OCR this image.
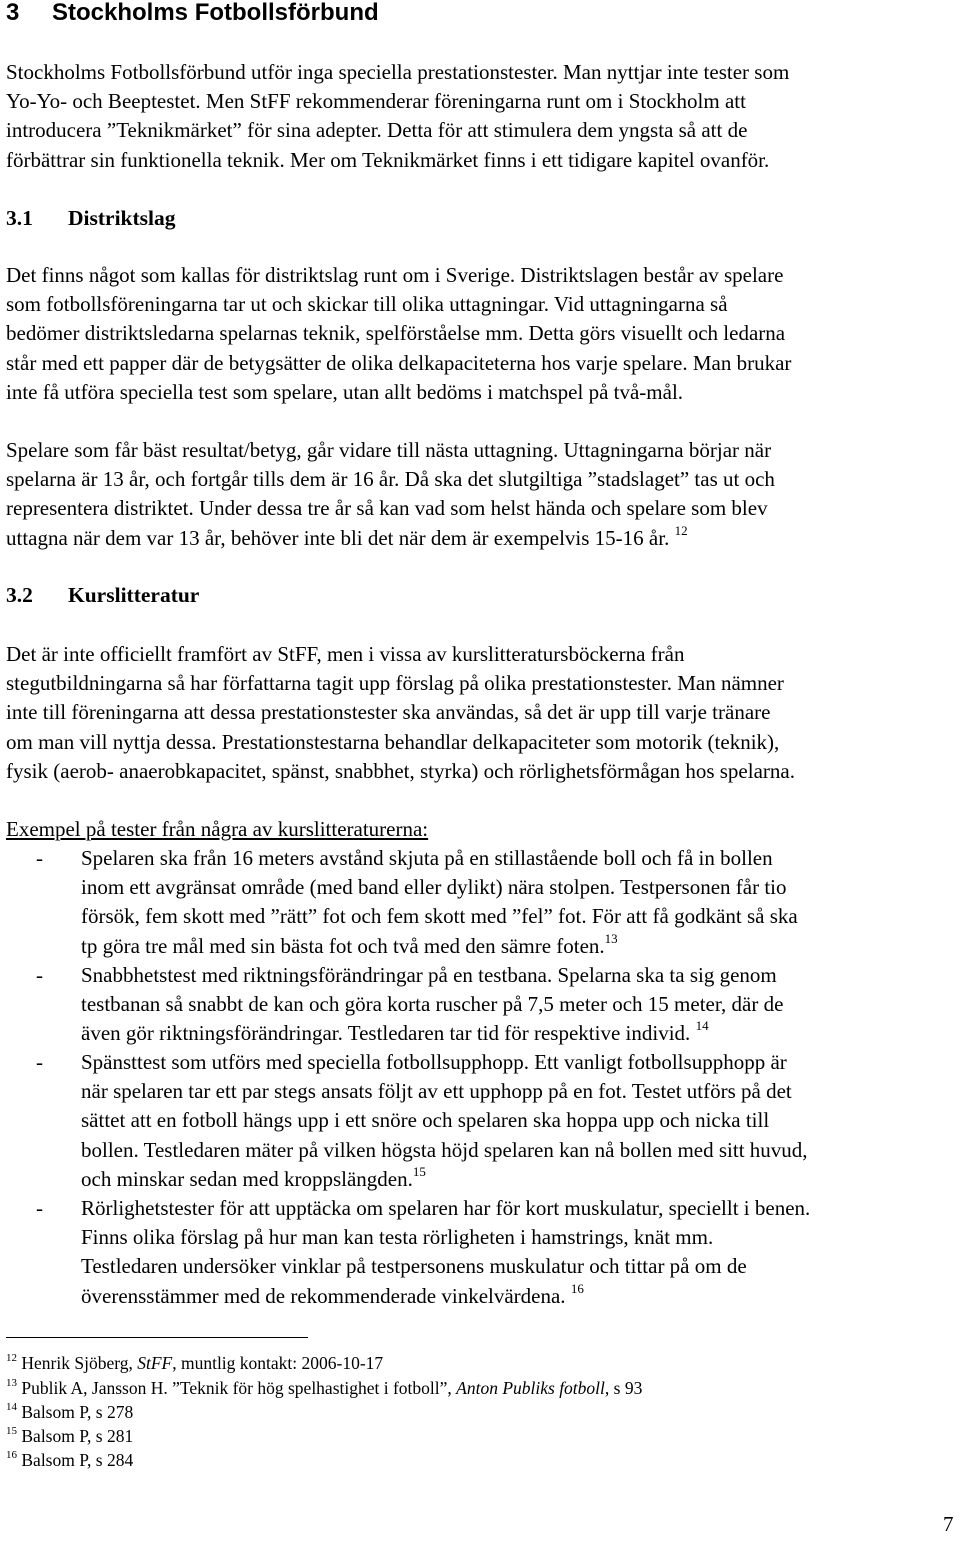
3 Stockholms Fotbollsförbund
Stockholms Fotbollsförbund utför inga speciella prestationstester. Man nyttjar inte tester som
Yo-Yo- och Beeptestet. Men StFF rekommenderar föreningarna runt om i Stockholm att
introducera ”Teknikmärket” för sina adepter. Detta för att stimulera dem yngsta så att de
förbättrar sin funktionella teknik. Mer om Teknikmärket finns i ett tidigare kapitel ovanför.
3.1 Distriktslag
Det finns något som kallas för distriktslag runt om i Sverige. Distriktslagen består av spelare
som fotbollsföreningarna tar ut och skickar till olika uttagningar. Vid uttagningarna så
bedömer distriktsledarna spelarnas teknik, spelförståelse mm. Detta görs visuellt och ledarna
står med ett papper där de betygsätter de olika delkapaciteterna hos varje spelare. Man brukar
inte få utföra speciella test som spelare, utan allt bedöms i matchspel på två-mål.
Spelare som får bäst resultat/betyg, går vidare till nästa uttagning. Uttagningarna börjar när
spelarna är 13 år, och fortgår tills dem är 16 år. Då ska det slutgiltiga ”stadslaget” tas ut och
representera distriktet. Under dessa tre år så kan vad som helst hända och spelare som blev
uttagna när dem var 13 år, behöver inte bli det när dem är exempelvis 15-16 år. $^{12}$
3.2 Kurslitteratur
Det är inte officiellt framfört av StFF, men i vissa av kurslitteratursböckerna från
stegutbildningarna så har författarna tagit upp förslag på olika prestationstester. Man nämner
inte till föreningarna att dessa prestationstester ska användas, så det är upp till varje tränare
om man vill nyttja dessa. Prestationstestarna behandlar delkapaciteter som motorik (teknik),
fysik (aerob- anaerobkapacitet, spänst, snabbhet, styrka) och rörlighetsförmågan hos spelarna.
Exempel på tester från några av kurslitteraturerna:
- Spelaren ska från 16 meters avstånd skjuta på en stillastående boll och få in bollen
inom ett avgränsat område (med band eller dylikt) nära stolpen. Testpersonen får tio
försök, fem skott med ”rätt” fot och fem skott med ”fel” fot. För att få godkänt så ska
tp göra tre mål med sin bästa fot och två med den sämre foten.$^{13}$
- Snabbhetstest med riktningsförändringar på en testbana. Spelarna ska ta sig genom
testbanan så snabbt de kan och göra korta ruscher på 7,5 meter och 15 meter, där de
även gör riktningsförändringar. Testledaren tar tid för respektive individ. $^{14}$
- Spänsttest som utförs med speciella fotbollsupphopp. Ett vanligt fotbollsupphopp är
när spelaren tar ett par stegs ansats följt av ett upphopp på en fot. Testet utförs på det
sättet att en fotboll hängs upp i ett snöre och spelaren ska hoppa upp och nicka till
bollen. Testledaren mäter på vilken högsta höjd spelaren kan nå bollen med sitt huvud,
och minskar sedan med kroppslängden.$^{15}$
- Rörlighetstester för att upptäcka om spelaren har för kort muskulatur, speciellt i benen.
Finns olika förslag på hur man kan testa rörligheten i hamstrings, knät mm.
Testledaren undersöker vinklar på testpersonens muskulatur och tittar på om de
överensstämmer med de rekommenderade vinkelvärdena. $^{16}$
$^{12}$ Henrik Sjöberg, StFF, muntlig kontakt: 2006-10-17
$^{13}$ Publik A, Jansson H. ”Teknik för hög spelhastighet i fotboll”, Anton Publiks fotboll, s 93
$^{14}$ Balsom P, s 278
$^{15}$ Balsom P, s 281
$^{16}$ Balsom P, s 284
7
